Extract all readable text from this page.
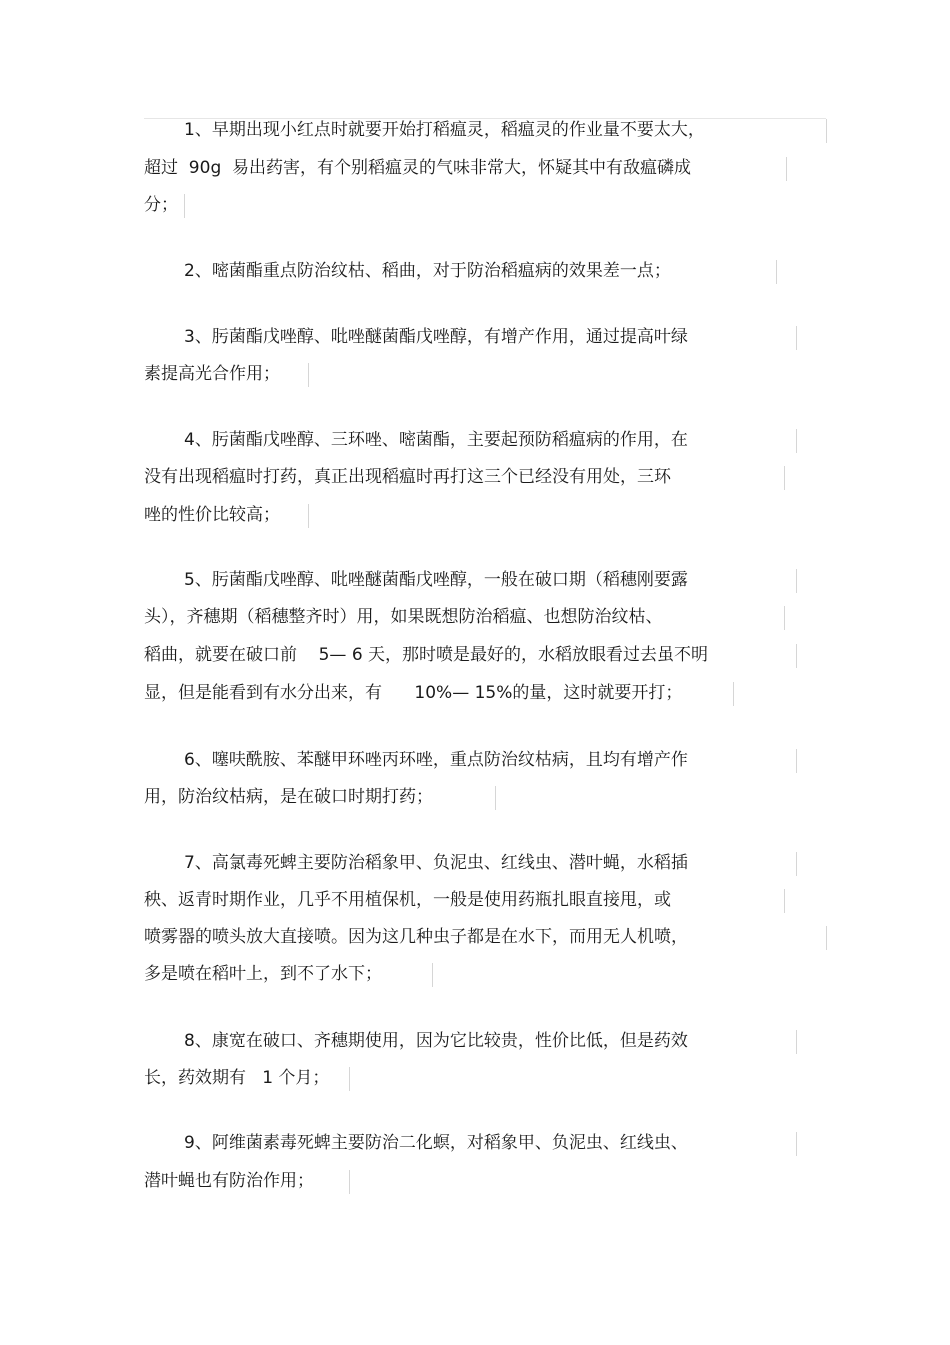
1、早期出现小红点时就要开始打稻瘟灵，稻瘟灵的作业量不要太大，
超过  90g  易出药害，有个别稻瘟灵的气味非常大，怀疑其中有敌瘟磷成
分；
2、嘧菌酯重点防治纹枯、稻曲，对于防治稻瘟病的效果差一点；
3、肟菌酯戊唑醇、吡唑醚菌酯戊唑醇，有增产作用，通过提高叶绿
素提高光合作用；
4、肟菌酯戊唑醇、三环唑、嘧菌酯，主要起预防稻瘟病的作用，在
没有出现稻瘟时打药，真正出现稻瘟时再打这三个已经没有用处，三环
唑的性价比较高；
5、肟菌酯戊唑醇、吡唑醚菌酯戊唑醇，一般在破口期（稻穗刚要露
头），齐穗期（稻穗整齐时）用，如果既想防治稻瘟、也想防治纹枯、
稻曲，就要在破口前    5— 6 天，那时喷是最好的，水稻放眼看过去虽不明
显，但是能看到有水分出来，有      10%— 15%的量，这时就要开打；
6、噻呋酰胺、苯醚甲环唑丙环唑，重点防治纹枯病，且均有增产作
用，防治纹枯病，是在破口时期打药；
7、高氯毒死蜱主要防治稻象甲、负泥虫、红线虫、潜叶蝇，水稻插
秧、返青时期作业，几乎不用植保机，一般是使用药瓶扎眼直接甩，或
喷雾器的喷头放大直接喷。因为这几种虫子都是在水下，而用无人机喷，
多是喷在稻叶上，到不了水下；
8、康宽在破口、齐穗期使用，因为它比较贵，性价比低，但是药效
长，药效期有   1 个月；
9、阿维菌素毒死蜱主要防治二化螟，对稻象甲、负泥虫、红线虫、
潜叶蝇也有防治作用；
